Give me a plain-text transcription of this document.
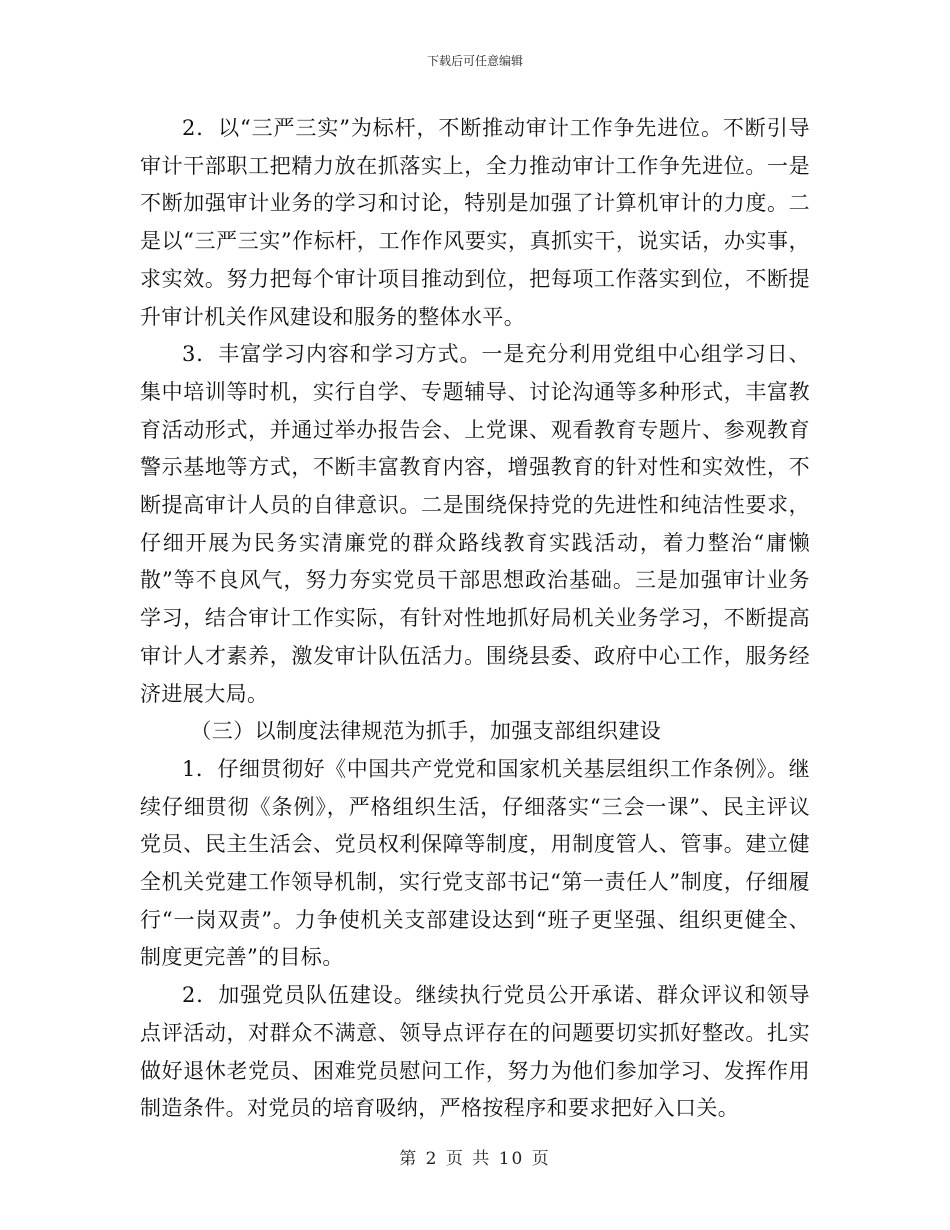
下载后可任意编辑

2．以“三严三实”为标杆，不断推动审计工作争先进位。不断引导审计干部职工把精力放在抓落实上，全力推动审计工作争先进位。一是不断加强审计业务的学习和讨论，特别是加强了计算机审计的力度。二是以“三严三实”作标杆，工作作风要实，真抓实干，说实话，办实事，求实效。努力把每个审计项目推动到位，把每项工作落实到位，不断提升审计机关作风建设和服务的整体水平。

3．丰富学习内容和学习方式。一是充分利用党组中心组学习日、集中培训等时机，实行自学、专题辅导、讨论沟通等多种形式，丰富教育活动形式，并通过举办报告会、上党课、观看教育专题片、参观教育警示基地等方式，不断丰富教育内容，增强教育的针对性和实效性，不断提高审计人员的自律意识。二是围绕保持党的先进性和纯洁性要求，仔细开展为民务实清廉党的群众路线教育实践活动，着力整治“庸懒散”等不良风气，努力夯实党员干部思想政治基础。三是加强审计业务学习，结合审计工作实际，有针对性地抓好局机关业务学习，不断提高审计人才素养，激发审计队伍活力。围绕县委、政府中心工作，服务经济进展大局。

（三）以制度法律规范为抓手，加强支部组织建设

1．仔细贯彻好《中国共产党党和国家机关基层组织工作条例》。继续仔细贯彻《条例》，严格组织生活，仔细落实“三会一课”、民主评议党员、民主生活会、党员权利保障等制度，用制度管人、管事。建立健全机关党建工作领导机制，实行党支部书记“第一责任人”制度，仔细履行“一岗双责”。力争使机关支部建设达到“班子更坚强、组织更健全、制度更完善”的目标。

2．加强党员队伍建设。继续执行党员公开承诺、群众评议和领导点评活动，对群众不满意、领导点评存在的问题要切实抓好整改。扎实做好退休老党员、困难党员慰问工作，努力为他们参加学习、发挥作用制造条件。对党员的培育吸纳，严格按程序和要求把好入口关。

第 2 页 共 10 页
